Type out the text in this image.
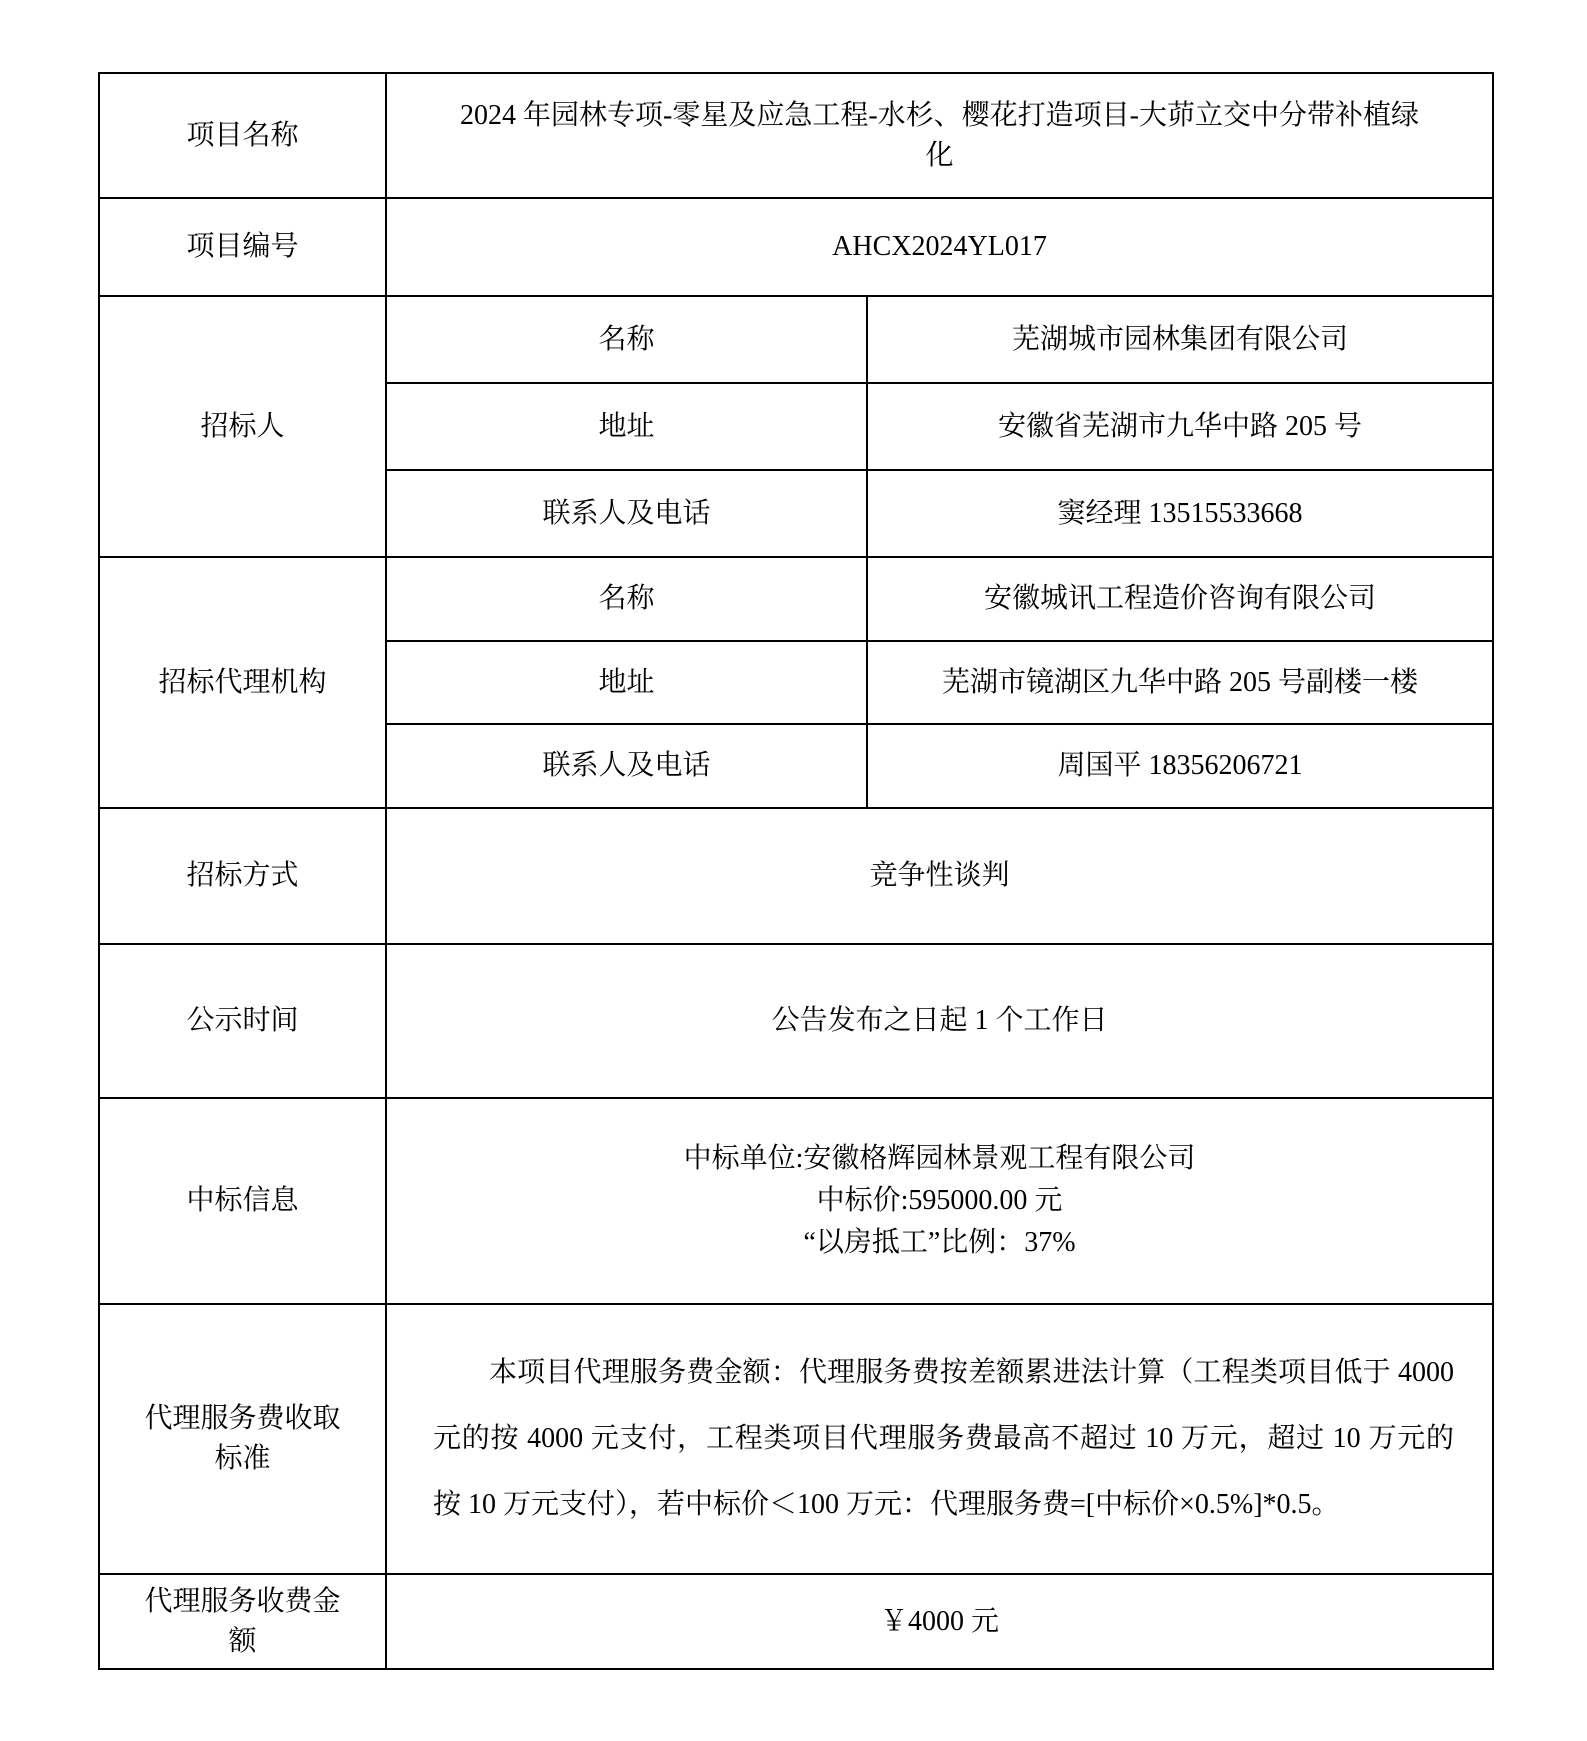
项目名称	2024 年园林专项-零星及应急工程-水杉、樱花打造项目-大茆立交中分带补植绿化	

项目编号	AHCX2024YL017	
招标人	名称	芜湖城市园林集团有限公司
	地址	安徽省芜湖市九华中路 205 号
	联系人及电话	窦经理 13515533668
招标代理机构	名称	安徽城讯工程造价咨询有限公司
	地址	芜湖市镜湖区九华中路 205 号副楼一楼
	联系人及电话	周国平 18356206721
招标方式	竞争性谈判	
公示时间	公告发布之日起 1 个工作日	
中标信息	中标单位:安徽格辉园林景观工程有限公司
中标价:595000.00 元
“以房抵工”比例：37%	

代理服务费收取标准	本项目代理服务费金额：代理服务费按差额累进法计算（工程类项目低于 4000 元的按 4000 元支付，工程类项目代理服务费最高不超过 10 万元，超过 10 万元的按 10 万元支付），若中标价＜100 万元：代理服务费=[中标价×0.5%]*0.5。	

代理服务收费金额	￥4000 元	
